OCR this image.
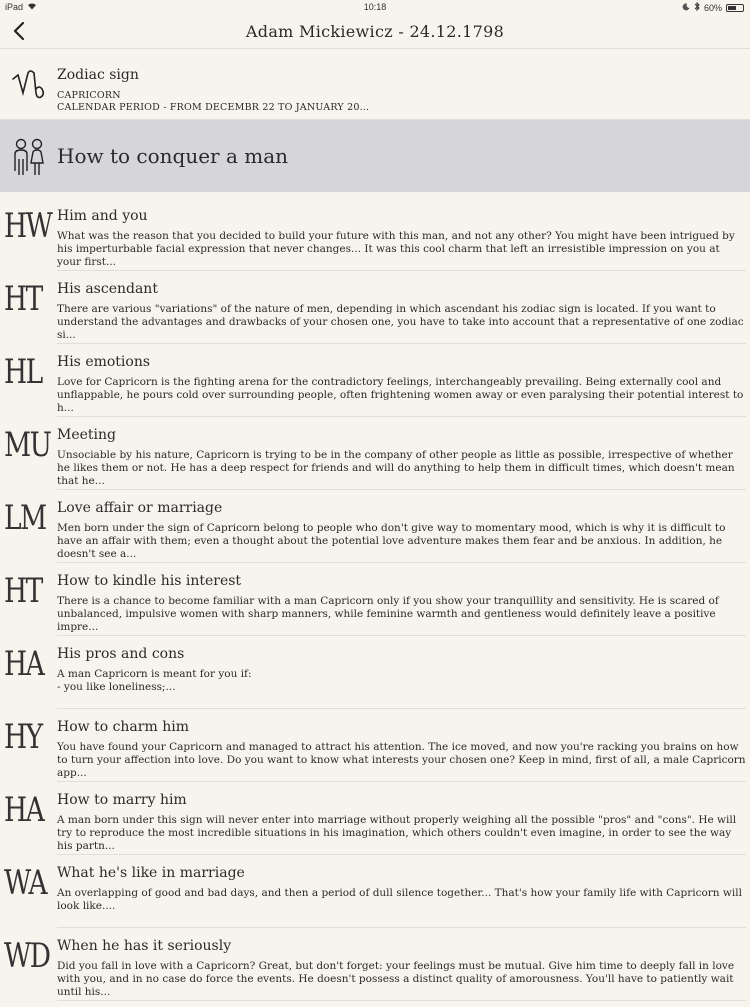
iPad	10:18	60%
Adam Mickiewicz - 24.12.1798
Zodiac sign
CAPRICORN
CALENDAR PERIOD - FROM DECEMBR 22 TO JANUARY 20...
How to conquer a man
HW Him and you
What was the reason that you decided to build your future with this man, and not any other? You might have been intrigued by his imperturbable facial expression that never changes... It was this cool charm that left an irresistible impression on you at your first...
HT His ascendant
There are various "variations" of the nature of men, depending in which ascendant his zodiac sign is located. If you want to understand the advantages and drawbacks of your chosen one, you have to take into account that a representative of one zodiac si...
HL His emotions
Love for Capricorn is the fighting arena for the contradictory feelings, interchangeably prevailing. Being externally cool and unflappable, he pours cold over surrounding people, often frightening women away or even paralysing their potential interest to h...
MU Meeting
Unsociable by his nature, Capricorn is trying to be in the company of other people as little as possible, irrespective of whether he likes them or not. He has a deep respect for friends and will do anything to help them in difficult times, which doesn't mean that he...
LM Love affair or marriage
Men born under the sign of Capricorn belong to people who don't give way to momentary mood, which is why it is difficult to have an affair with them; even a thought about the potential love adventure makes them fear and be anxious. In addition, he doesn't see a...
HT How to kindle his interest
There is a chance to become familiar with a man Capricorn only if you show your tranquillity and sensitivity. He is scared of unbalanced, impulsive women with sharp manners, while feminine warmth and gentleness would definitely leave a positive impre...
HA His pros and cons
A man Capricorn is meant for you if:
- you like loneliness;...
HY How to charm him
You have found your Capricorn and managed to attract his attention. The ice moved, and now you're racking you brains on how to turn your affection into love. Do you want to know what interests your chosen one? Keep in mind, first of all, a male Capricorn app...
HA How to marry him
A man born under this sign will never enter into marriage without properly weighing all the possible "pros" and "cons". He will try to reproduce the most incredible situations in his imagination, which others couldn't even imagine, in order to see the way his partn...
WA What he's like in marriage
An overlapping of good and bad days, and then a period of dull silence together... That's how your family life with Capricorn will look like....
WD When he has it seriously
Did you fall in love with a Capricorn? Great, but don't forget: your feelings must be mutual. Give him time to deeply fall in love with you, and in no case do force the events. He doesn't possess a distinct quality of amorousness. You'll have to patiently wait until his...
